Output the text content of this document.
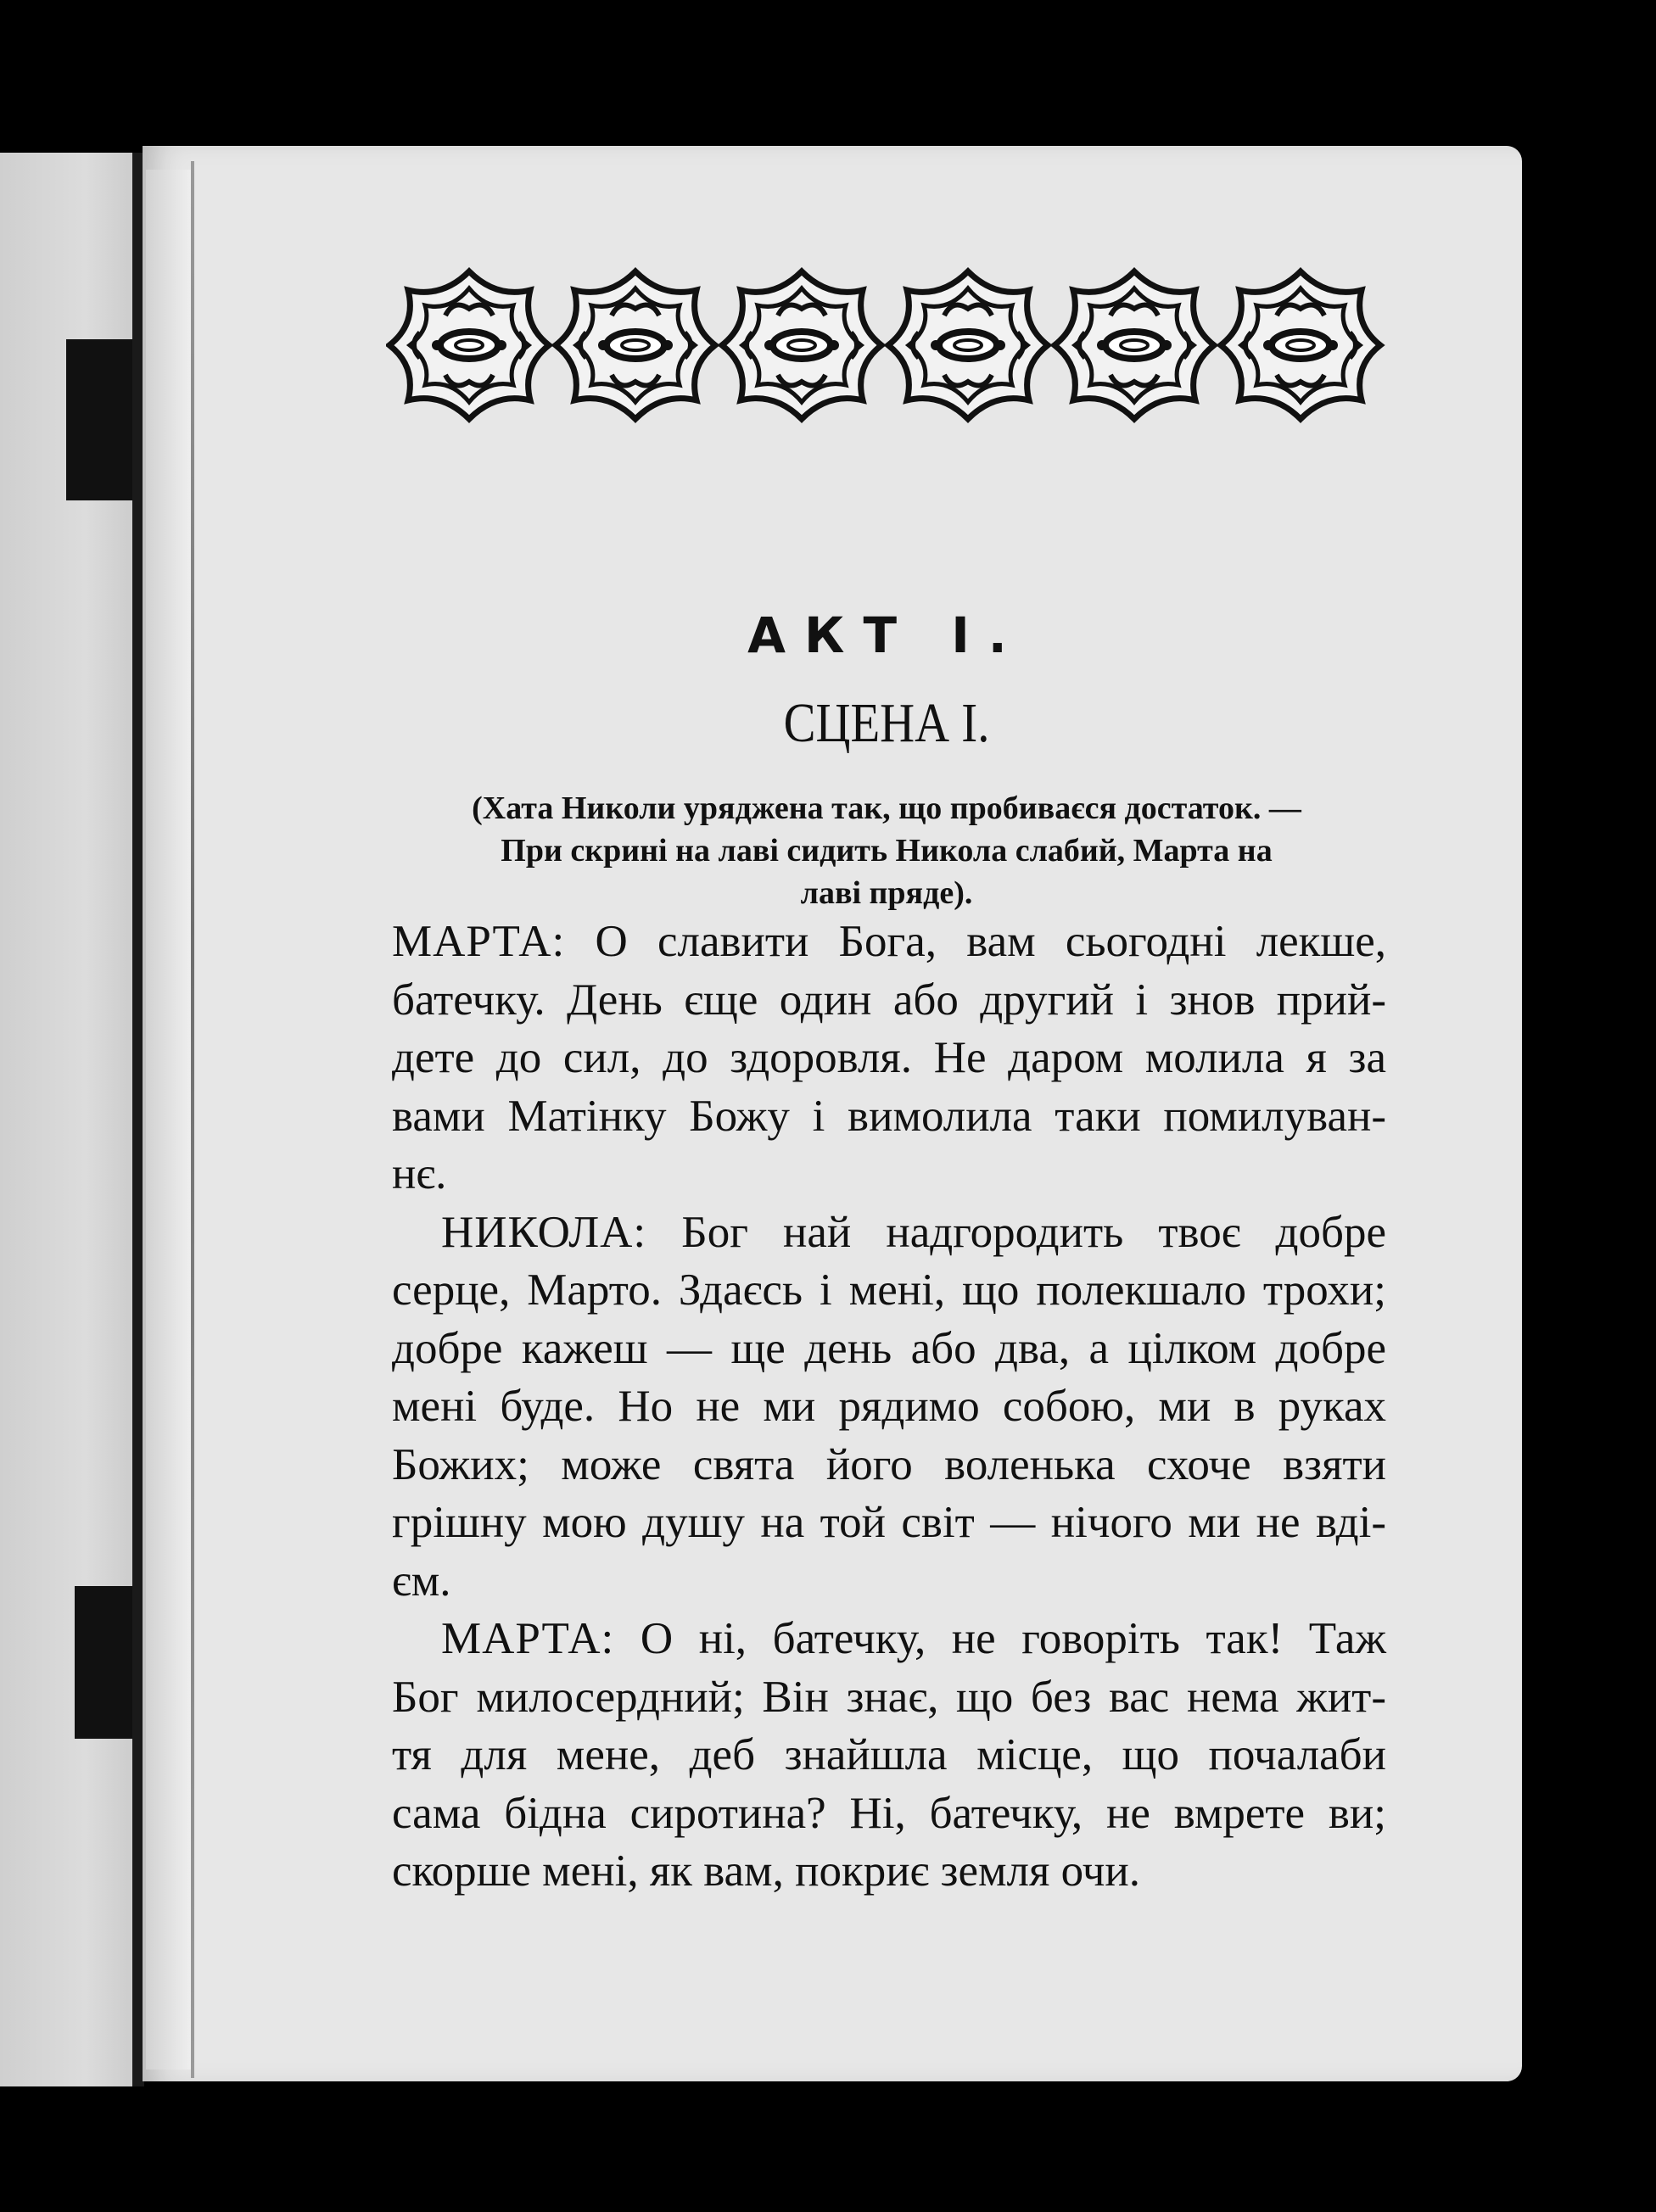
АКТ І.
СЦЕНА І.
(Хата Николи уряджена так, що пробиваєся достаток. —
При скрині на лаві сидить Никола слабий, Марта на
лаві пряде).
МАРТА: О славити Бога, вам сьогодні лекше,
батечку. День єще один або другий і знов прий-
дете до сил, до здоровля. Не даром молила я за
вами Матінку Божу і вимолила таки помилуван-
нє.
НИКОЛА: Бог най надгородить твоє добре
серце, Марто. Здаєсь і мені, що полекшало трохи;
добре кажеш — ще день або два, а цілком добре
мені буде. Но не ми рядимо собою, ми в руках
Божих; може свята його воленька схоче взяти
грішну мою душу на той світ — нічого ми не вді-
єм.
МАРТА: О ні, батечку, не говоріть так! Таж
Бог милосердний; Він знає, що без вас нема жит-
тя для мене, деб знайшла місце, що почалаби
сама бідна сиротина? Ні, батечку, не вмрете ви;
скорше мені, як вам, покриє земля очи.
